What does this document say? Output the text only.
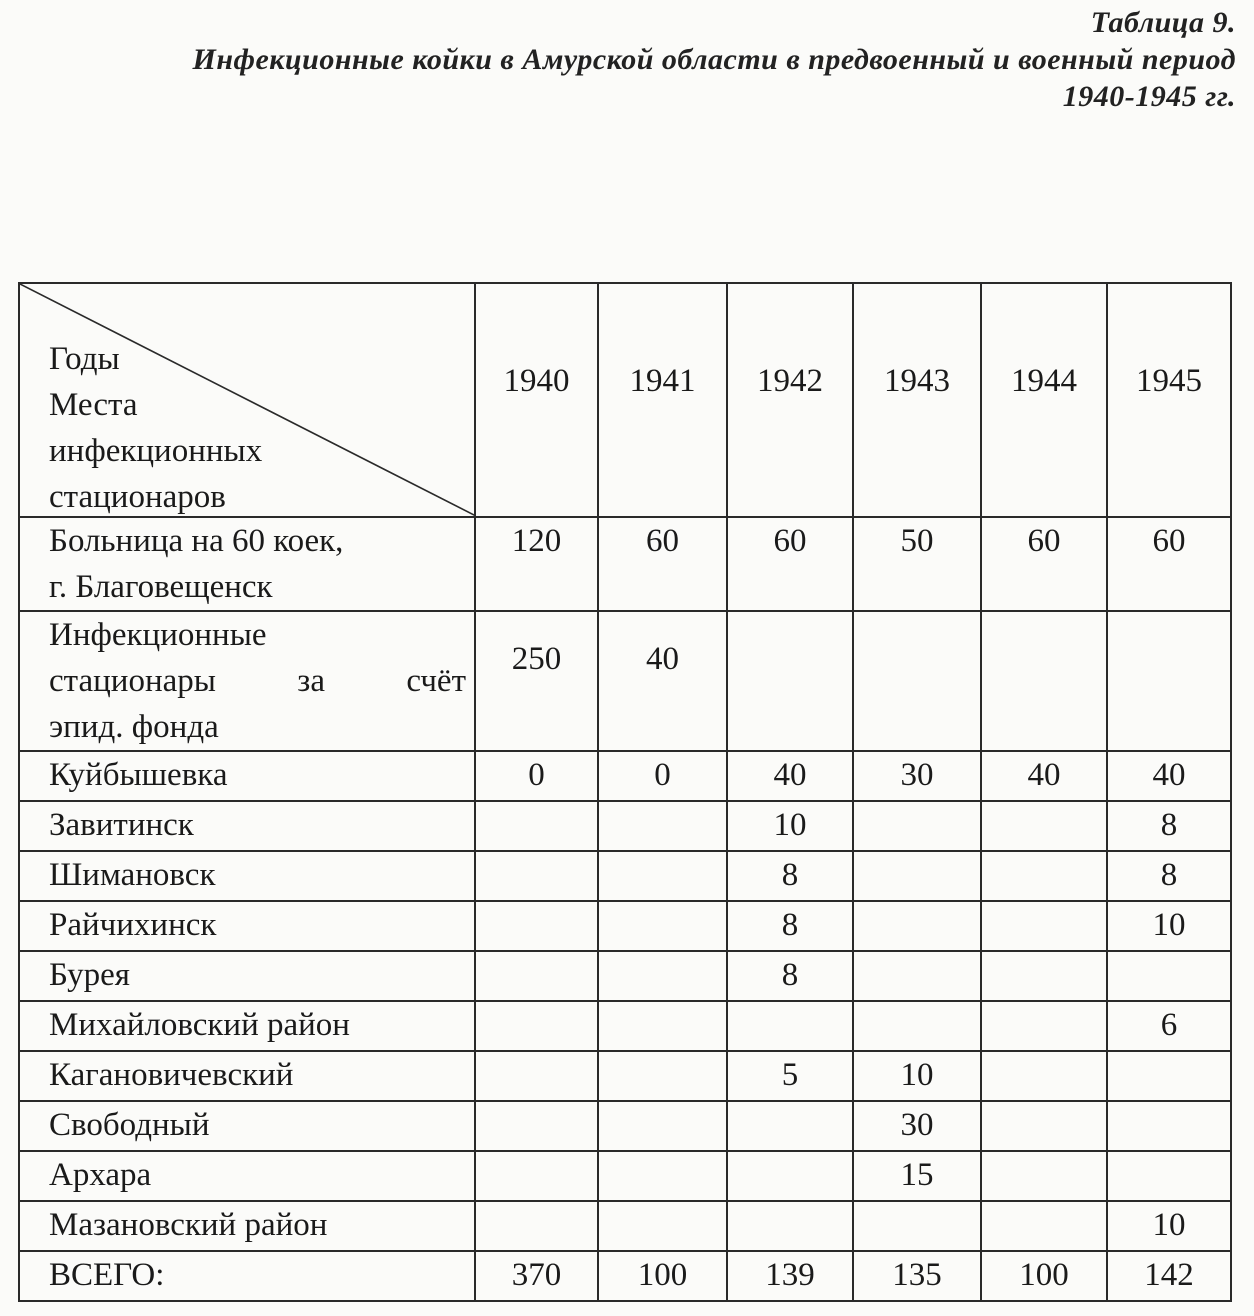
Таблица 9.
Инфекционные койки в Амурской области в предвоенный и военный период
1940-1945 гг.
Годы
Места
инфекционных
стационаров	1940	1941	1942	1943	1944	1945

Больница на 60 коек,
г. Благовещенск	120	60	60	50	60	60

Инфекционные
стационары за счёт
эпид. фонда	250	40				

Куйбышевка	0	0	40	30	40	40

Завитинск			10			8

Шимановск			8			8

Райчихинск			8			10

Бурея			8			

Михайловский район						6

Кагановичевский			5	10		

Свободный				30		

Архара				15		

Мазановский район						10

ВСЕГО:	370	100	139	135	100	142
